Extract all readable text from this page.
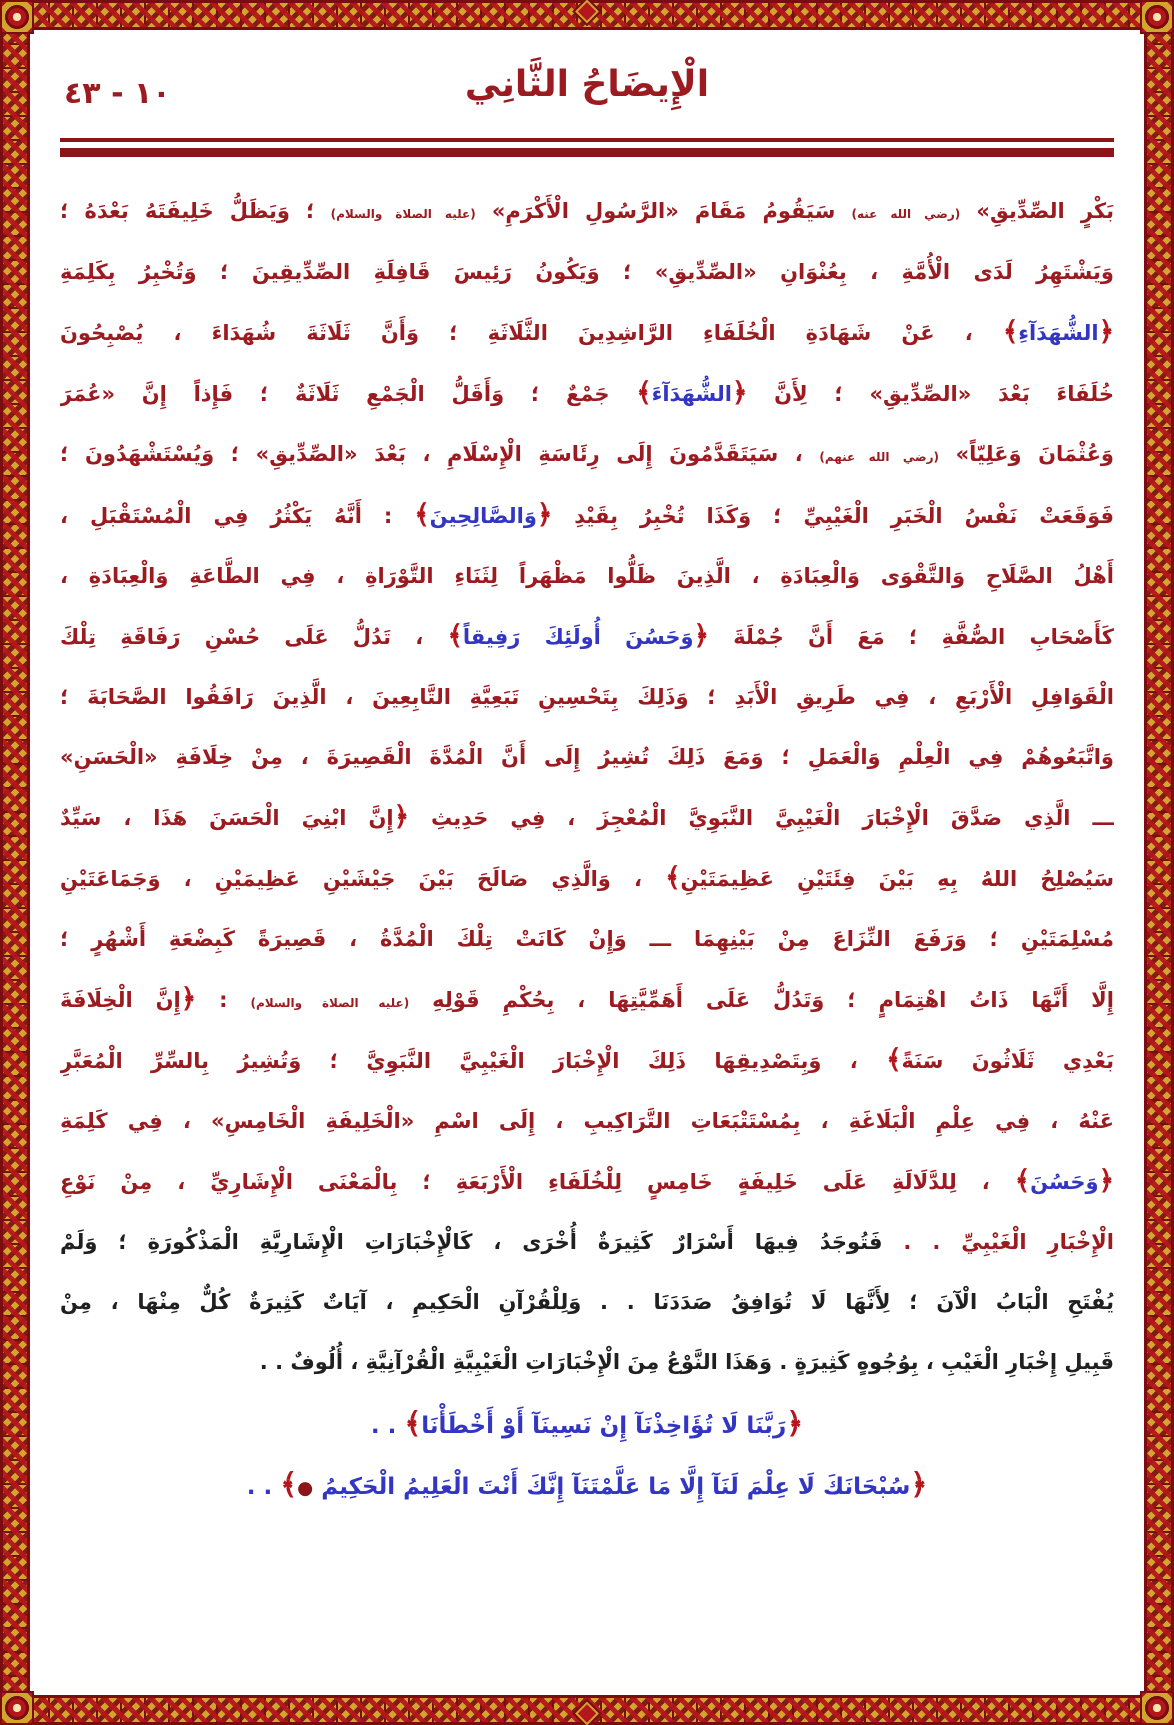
١٠ - ٤٣	الْإِيضَاحُ الثَّانِي
بَكْرٍ الصِّدِّيقِ» (رضي الله عنه) سَيَقُومُ مَقَامَ «الرَّسُولِ الْأَكْرَمِ» (عليه الصلاة والسلام) ؛ وَيَظَلُّ خَلِيفَتَهُ بَعْدَهُ ؛
وَيَشْتَهِرُ لَدَى الْأُمَّةِ ، بِعُنْوَانِ «الصِّدِّيقِ» ؛ وَيَكُونُ رَئِيسَ قَافِلَةِ الصِّدِّيقِينَ ؛ وَتُخْبِرُ بِكَلِمَةِ
﴿الشُّهَدَآءِ﴾ ، عَنْ شَهَادَةِ الْخُلَفَاءِ الرَّاشِدِينَ الثَّلَاثَةِ ؛ وَأَنَّ ثَلَاثَةَ شُهَدَاءَ ، يُصْبِحُونَ
خُلَفَاءَ بَعْدَ «الصِّدِّيقِ» ؛ لِأَنَّ ﴿الشُّهَدَآءَ﴾ جَمْعٌ ؛ وَأَقَلُّ الْجَمْعِ ثَلَاثَةٌ ؛ فَإِذاً إِنَّ «عُمَرَ
وَعُثْمَانَ وَعَلِيّاً» (رضي الله عنهم) ، سَيَتَقَدَّمُونَ إِلَى رِئَاسَةِ الْإِسْلَامِ ، بَعْدَ «الصِّدِّيقِ» ؛ وَيُسْتَشْهَدُونَ ؛
فَوَقَعَتْ نَفْسُ الْخَبَرِ الْغَيْبِيِّ ؛ وَكَذَا تُخْبِرُ بِقَيْدِ ﴿وَالصَّالِحِينَ﴾ : أَنَّهُ يَكْثُرُ فِي الْمُسْتَقْبَلِ ،
أَهْلُ الصَّلَاحِ وَالتَّقْوَى وَالْعِبَادَةِ ، الَّذِينَ ظَلُّوا مَظْهَراً لِثَنَاءِ التَّوْرَاةِ ، فِي الطَّاعَةِ وَالْعِبَادَةِ ،
كَأَصْحَابِ الصُّفَّةِ ؛ مَعَ أَنَّ جُمْلَةَ ﴿وَحَسُنَ أُولَئِكَ رَفِيقاً﴾ ، تَدُلُّ عَلَى حُسْنِ رَفَاقَةِ تِلْكَ
الْقَوَافِلِ الْأَرْبَعِ ، فِي طَرِيقِ الْأَبَدِ ؛ وَذَلِكَ بِتَحْسِينِ تَبَعِيَّةِ التَّابِعِينَ ، الَّذِينَ رَافَقُوا الصَّحَابَةَ ؛
وَاتَّبَعُوهُمْ فِي الْعِلْمِ وَالْعَمَلِ ؛ وَمَعَ ذَلِكَ تُشِيرُ إِلَى أَنَّ الْمُدَّةَ الْقَصِيرَةَ ، مِنْ خِلَافَةِ «الْحَسَنِ»
ـــ الَّذِي صَدَّقَ الْإِخْبَارَ الْغَيْبِيَّ النَّبَوِيَّ الْمُعْجِزَ ، فِي حَدِيثِ ﴿إِنَّ ابْنِيَ الْحَسَنَ هَذَا ، سَيِّدٌ
سَيُصْلِحُ اللهُ بِهِ بَيْنَ فِئَتَيْنِ عَظِيمَتَيْنِ﴾ ، وَالَّذِي صَالَحَ بَيْنَ جَيْشَيْنِ عَظِيمَيْنِ ، وَجَمَاعَتَيْنِ
مُسْلِمَتَيْنِ ؛ وَرَفَعَ النِّزَاعَ مِنْ بَيْنِهِمَا ـــ وَإِنْ كَانَتْ تِلْكَ الْمُدَّةُ ، قَصِيرَةً كَبِضْعَةِ أَشْهُرٍ ؛
إِلَّا أَنَّهَا ذَاتُ اهْتِمَامٍ ؛ وَتَدُلُّ عَلَى أَهَمِّيَّتِهَا ، بِحُكْمِ قَوْلِهِ (عليه الصلاة والسلام) : ﴿إِنَّ الْخِلَافَةَ
بَعْدِي ثَلَاثُونَ سَنَةً﴾ ، وَبِتَصْدِيقِهَا ذَلِكَ الْإِخْبَارَ الْغَيْبِيَّ النَّبَوِيَّ ؛ وَتُشِيرُ بِالسِّرِّ الْمُعَبَّرِ
عَنْهُ ، فِي عِلْمِ الْبَلَاغَةِ ، بِمُسْتَتْبَعَاتِ التَّرَاكِيبِ ، إِلَى اسْمِ «الْخَلِيفَةِ الْخَامِسِ» ، فِي كَلِمَةِ
﴿وَحَسُنَ﴾ ، لِلدَّلَالَةِ عَلَى خَلِيفَةٍ خَامِسٍ لِلْخُلَفَاءِ الْأَرْبَعَةِ ؛ بِالْمَعْنَى الْإِشَارِيِّ ، مِنْ نَوْعِ
الْإِخْبَارِ الْغَيْبِيِّ . . فَتُوجَدُ فِيهَا أَسْرَارٌ كَثِيرَةٌ أُخْرَى ، كَالْإِخْبَارَاتِ الْإِشَارِيَّةِ الْمَذْكُورَةِ ؛ وَلَمْ
يُفْتَحِ الْبَابُ الْآنَ ؛ لِأَنَّهَا لَا تُوَافِقُ صَدَدَنَا . . وَلِلْقُرْآنِ الْحَكِيمِ ، آيَاتٌ كَثِيرَةٌ كُلٌّ مِنْهَا ، مِنْ
قَبِيلِ إِخْبَارِ الْغَيْبِ ، بِوُجُوهٍ كَثِيرَةٍ . وَهَذَا النَّوْعُ مِنَ الْإِخْبَارَاتِ الْغَيْبِيَّةِ الْقُرْآنِيَّةِ ، أُلُوفٌ . .
﴿رَبَّنَا لَا تُؤَاخِذْنَآ إِنْ نَسِينَآ أَوْ أَخْطَأْنَا﴾ . .
﴿سُبْحَانَكَ لَا عِلْمَ لَنَآ إِلَّا مَا عَلَّمْتَنَآ إِنَّكَ أَنْتَ الْعَلِيمُ الْحَكِيمُ ●﴾ . .
